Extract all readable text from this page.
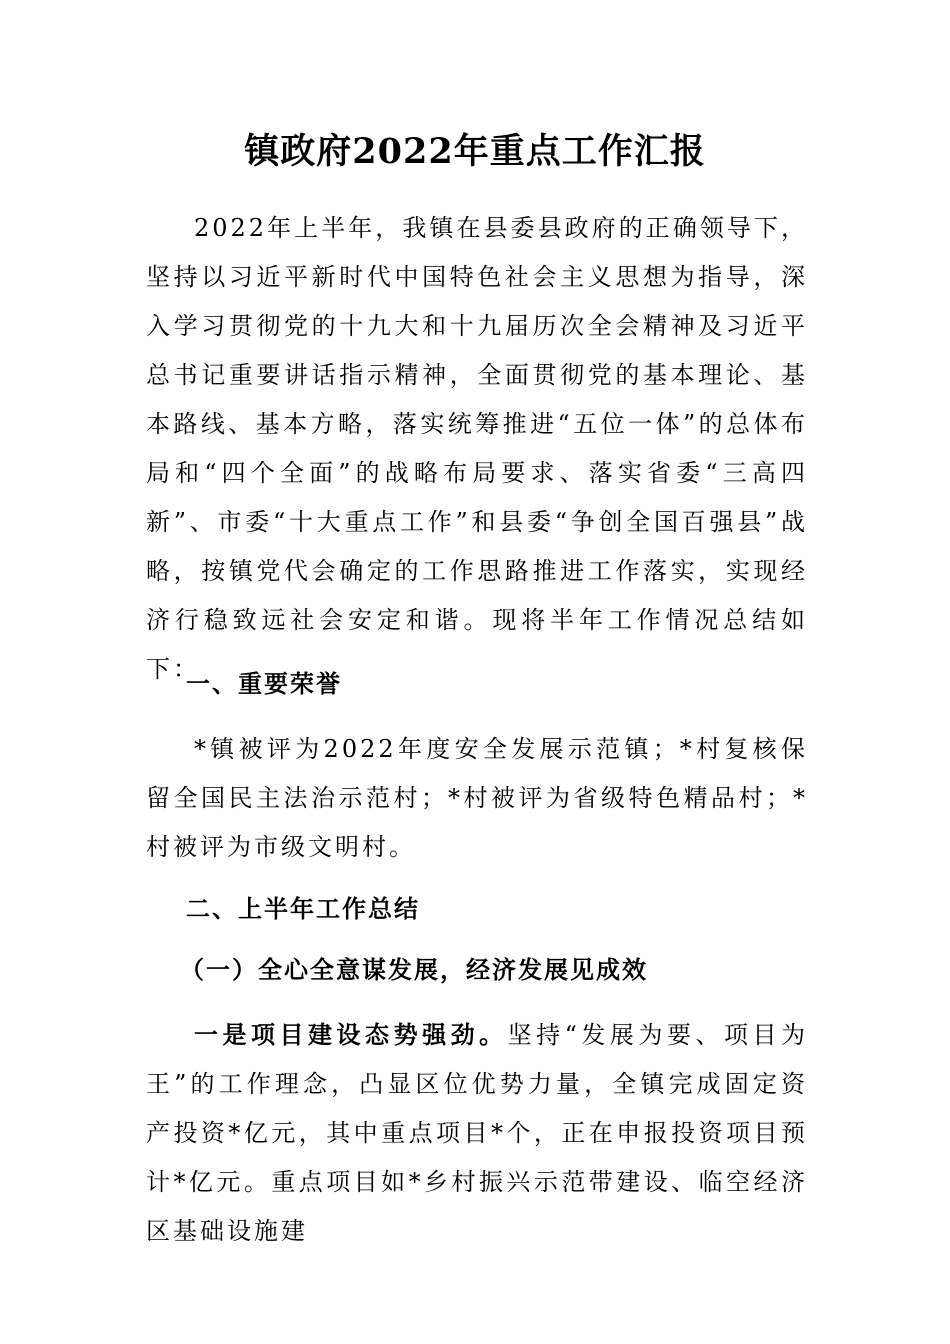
镇政府2022年重点工作汇报

2022年上半年，我镇在县委县政府的正确领导下，坚持以习近平新时代中国特色社会主义思想为指导，深入学习贯彻党的十九大和十九届历次全会精神及习近平总书记重要讲话指示精神，全面贯彻党的基本理论、基本路线、基本方略，落实统筹推进“五位一体”的总体布局和“四个全面”的战略布局要求、落实省委“三高四新”、市委“十大重点工作”和县委“争创全国百强县”战略，按镇党代会确定的工作思路推进工作落实，实现经济行稳致远社会安定和谐。现将半年工作情况总结如下：

一、重要荣誉

*镇被评为2022年度安全发展示范镇；*村复核保留全国民主法治示范村；*村被评为省级特色精品村；*村被评为市级文明村。

二、上半年工作总结
（一）全心全意谋发展，经济发展见成效

一是项目建设态势强劲。坚持“发展为要、项目为王”的工作理念，凸显区位优势力量，全镇完成固定资产投资*亿元，其中重点项目*个，正在申报投资项目预计*亿元。重点项目如*乡村振兴示范带建设、临空经济区基础设施建
